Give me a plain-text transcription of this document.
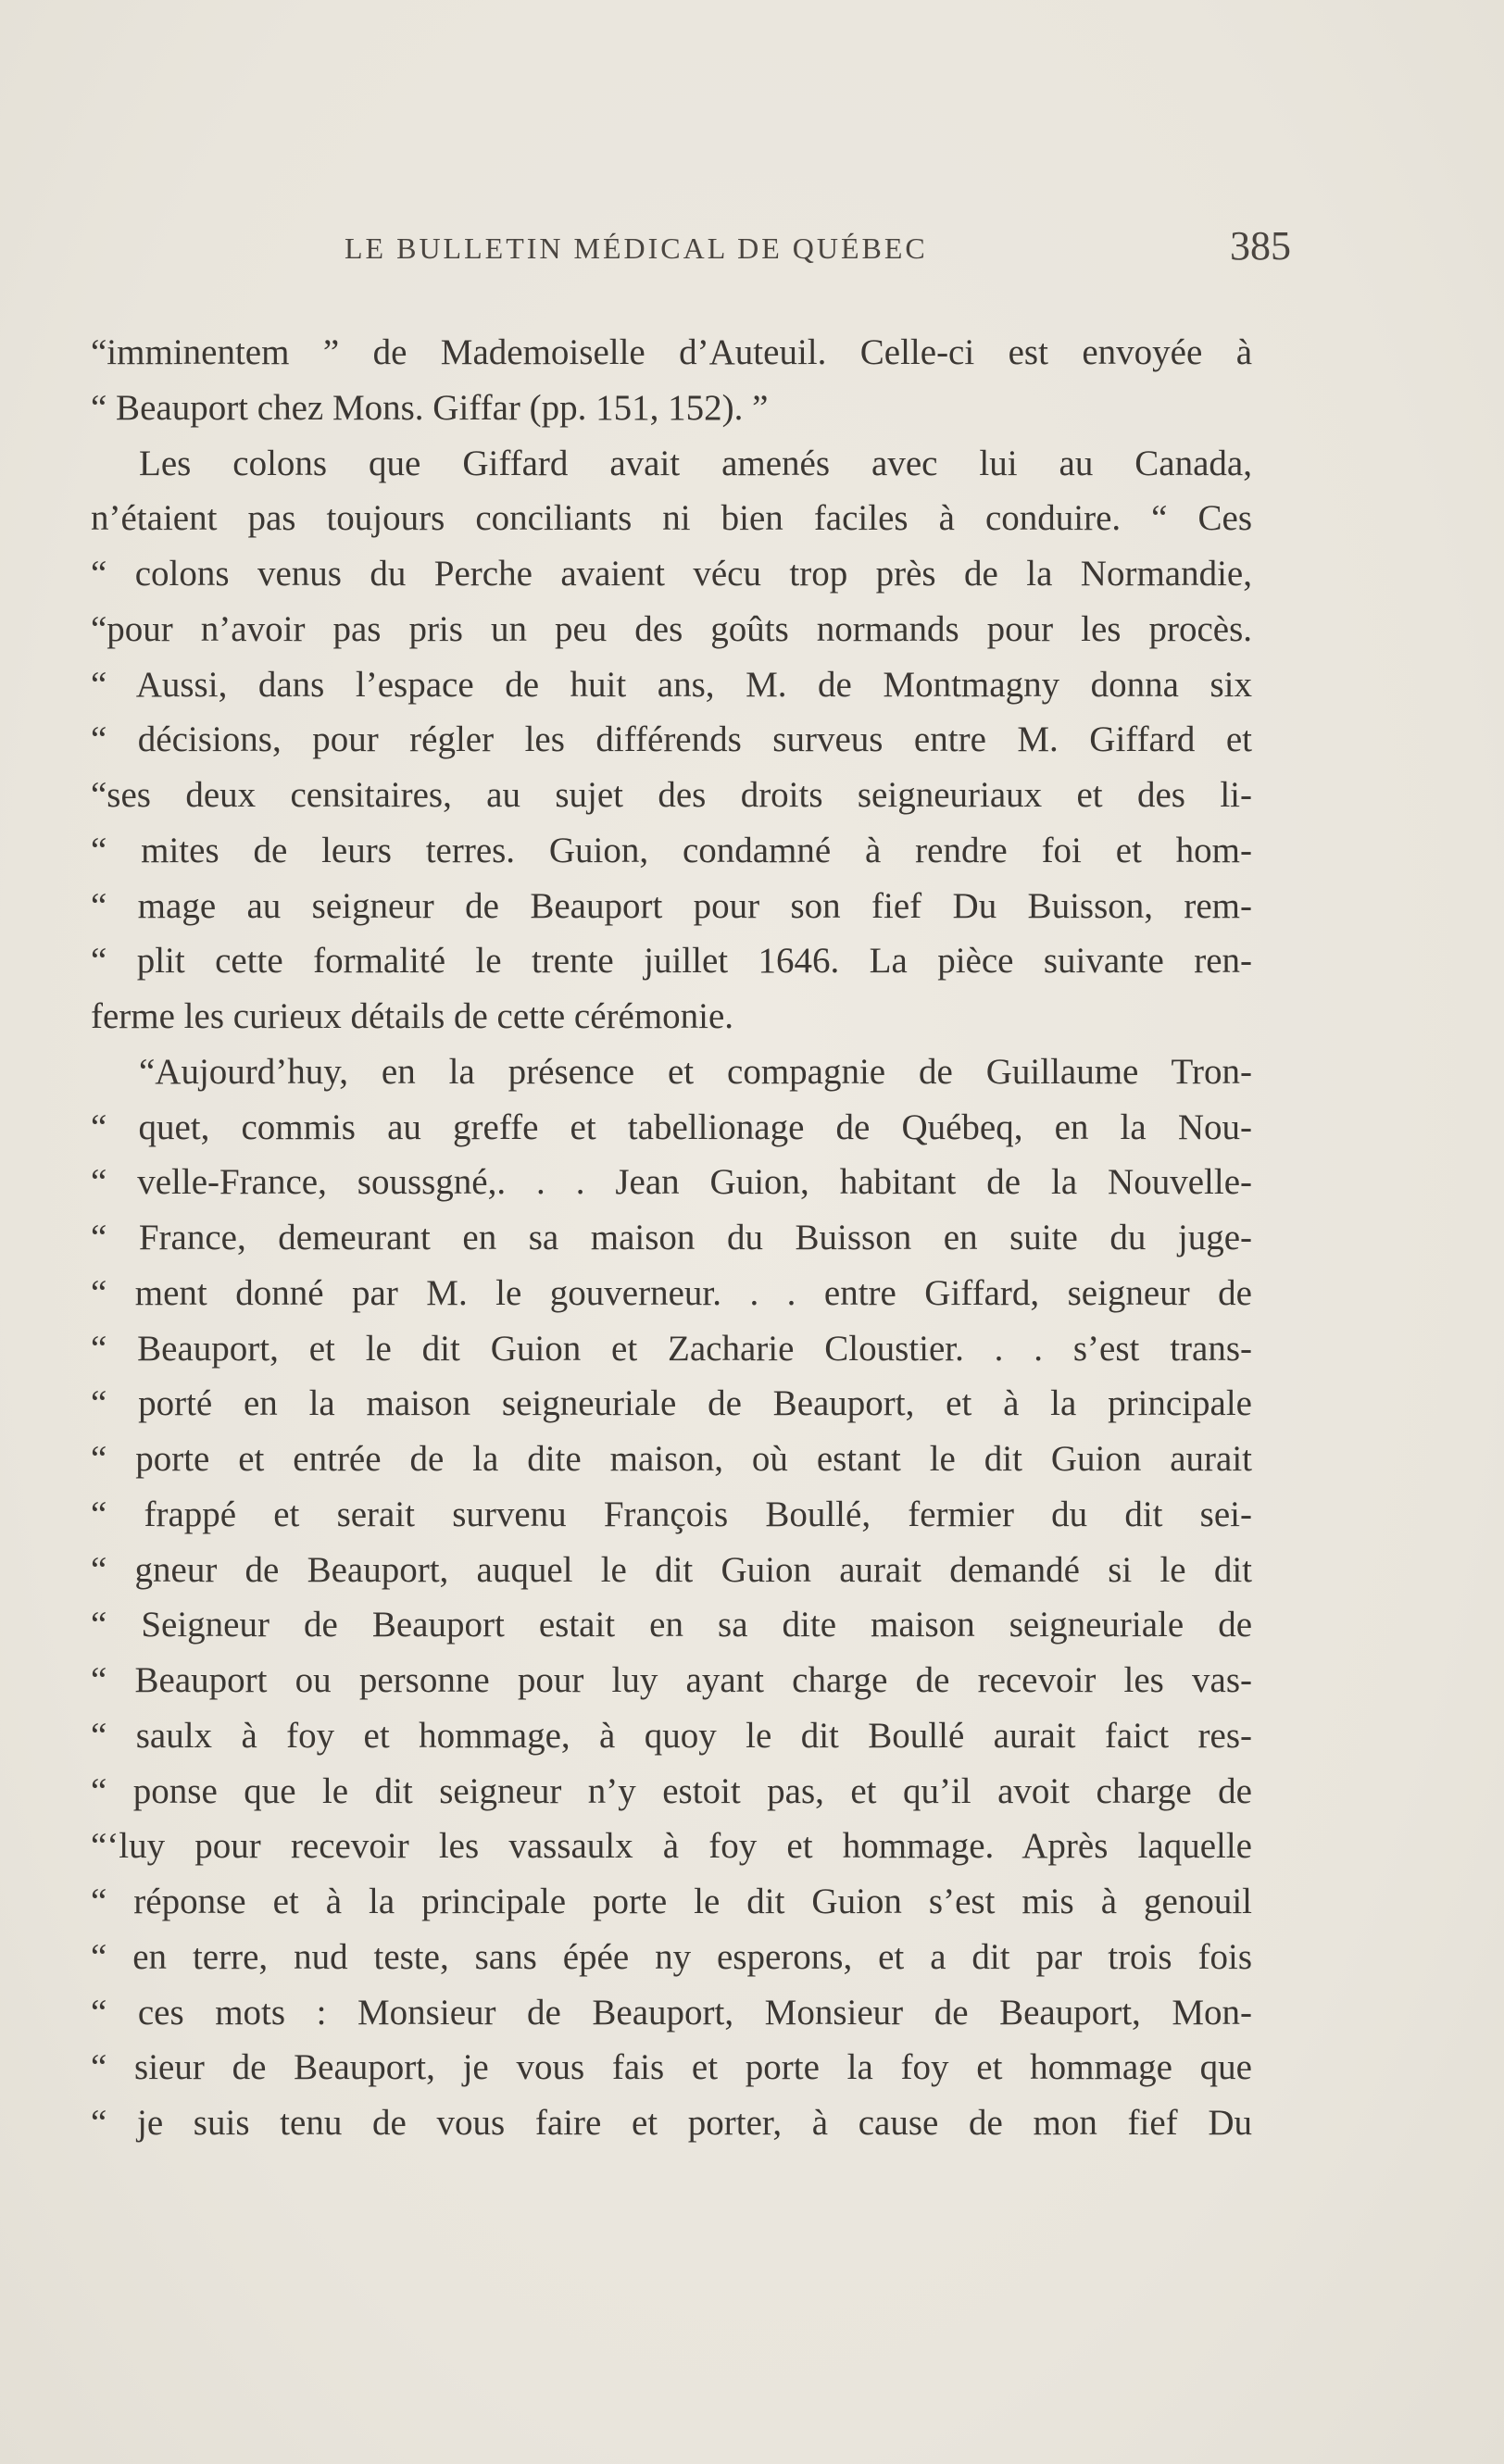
LE BULLETIN MÉDICAL DE QUÉBEC	385
“imminentem ” de Mademoiselle d’Auteuil. Celle-ci est envoyée à
“ Beauport chez Mons. Giffar (pp. 151, 152). ”
Les colons que Giffard avait amenés avec lui au Canada,
n’étaient pas toujours conciliants ni bien faciles à conduire. “ Ces
“ colons venus du Perche avaient vécu trop près de la Normandie,
“pour n’avoir pas pris un peu des goûts normands pour les procès.
“ Aussi, dans l’espace de huit ans, M. de Montmagny donna six
“ décisions, pour régler les différends surveus entre M. Giffard et
“ses deux censitaires, au sujet des droits seigneuriaux et des li-
“ mites de leurs terres. Guion, condamné à rendre foi et hom-
“ mage au seigneur de Beauport pour son fief Du Buisson, rem-
“ plit cette formalité le trente juillet 1646. La pièce suivante ren-
ferme les curieux détails de cette cérémonie.
“Aujourd’huy, en la présence et compagnie de Guillaume Tron-
“ quet, commis au greffe et tabellionage de Québeq, en la Nou-
“ velle-France, soussgné,. . . Jean Guion, habitant de la Nouvelle-
“ France, demeurant en sa maison du Buisson en suite du juge-
“ ment donné par M. le gouverneur. . . entre Giffard, seigneur de
“ Beauport, et le dit Guion et Zacharie Cloustier. . . s’est trans-
“ porté en la maison seigneuriale de Beauport, et à la principale
“ porte et entrée de la dite maison, où estant le dit Guion aurait
“ frappé et serait survenu François Boullé, fermier du dit sei-
“ gneur de Beauport, auquel le dit Guion aurait demandé si le dit
“ Seigneur de Beauport estait en sa dite maison seigneuriale de
“ Beauport ou personne pour luy ayant charge de recevoir les vas-
“ saulx à foy et hommage, à quoy le dit Boullé aurait faict res-
“ ponse que le dit seigneur n’y estoit pas, et qu’il avoit charge de
“‘luy pour recevoir les vassaulx à foy et hommage. Après laquelle
“ réponse et à la principale porte le dit Guion s’est mis à genouil
“ en terre, nud teste, sans épée ny esperons, et a dit par trois fois
“ ces mots : Monsieur de Beauport, Monsieur de Beauport, Mon-
“ sieur de Beauport, je vous fais et porte la foy et hommage que
“ je suis tenu de vous faire et porter, à cause de mon fief Du
